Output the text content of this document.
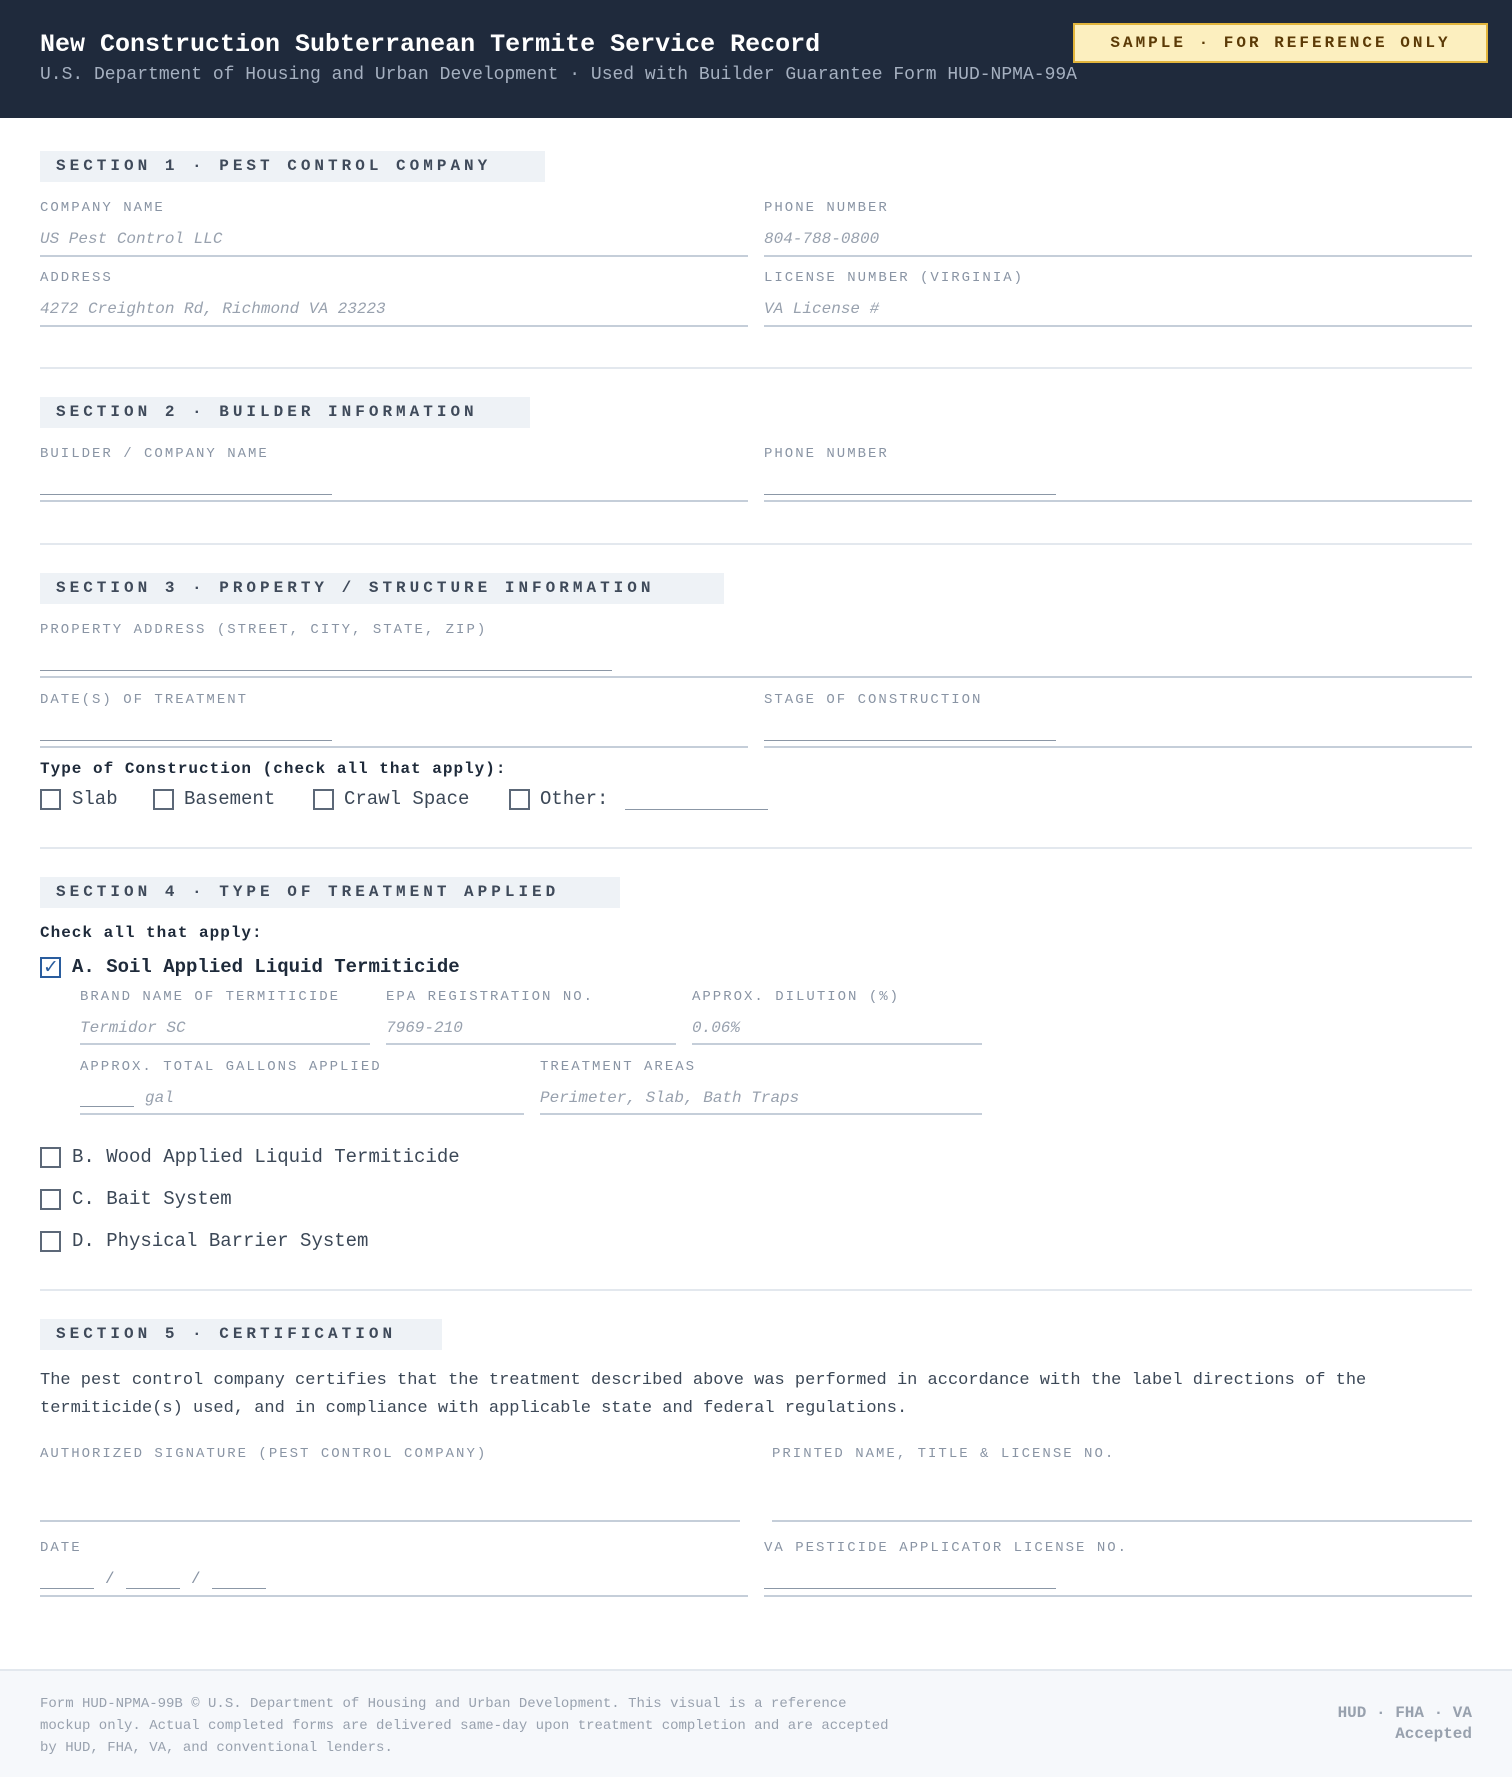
New Construction Subterranean Termite Service Record
U.S. Department of Housing and Urban Development · Used with Builder Guarantee Form HUD-NPMA-99A
SAMPLE · FOR REFERENCE ONLY
SECTION 1 · PEST CONTROL COMPANY
COMPANY NAME
US Pest Control LLC
PHONE NUMBER
804-788-0800
ADDRESS
4272 Creighton Rd, Richmond VA 23223
LICENSE NUMBER (VIRGINIA)
VA License #
SECTION 2 · BUILDER INFORMATION
BUILDER / COMPANY NAME	PHONE NUMBER
SECTION 3 · PROPERTY / STRUCTURE INFORMATION
PROPERTY ADDRESS (STREET, CITY, STATE, ZIP)
DATE(S) OF TREATMENT	STAGE OF CONSTRUCTION
Type of Construction (check all that apply):
Slab	Basement	Crawl Space	Other:
SECTION 4 · TYPE OF TREATMENT APPLIED
Check all that apply:
✓ A. Soil Applied Liquid Termiticide
BRAND NAME OF TERMITICIDE
Termidor SC
EPA REGISTRATION NO.
7969-210
APPROX. DILUTION (%)
0.06%
APPROX. TOTAL GALLONS APPLIED
gal
TREATMENT AREAS
Perimeter, Slab, Bath Traps
B. Wood Applied Liquid Termiticide
C. Bait System
D. Physical Barrier System
SECTION 5 · CERTIFICATION
The pest control company certifies that the treatment described above was performed in accordance with the label directions of the termiticide(s) used, and in compliance with applicable state and federal regulations.
AUTHORIZED SIGNATURE (PEST CONTROL COMPANY)	PRINTED NAME, TITLE & LICENSE NO.
DATE
/	/
VA PESTICIDE APPLICATOR LICENSE NO.
Form HUD-NPMA-99B © U.S. Department of Housing and Urban Development. This visual is a reference mockup only. Actual completed forms are delivered same-day upon treatment completion and are accepted by HUD, FHA, VA, and conventional lenders.
HUD · FHA · VA
Accepted
